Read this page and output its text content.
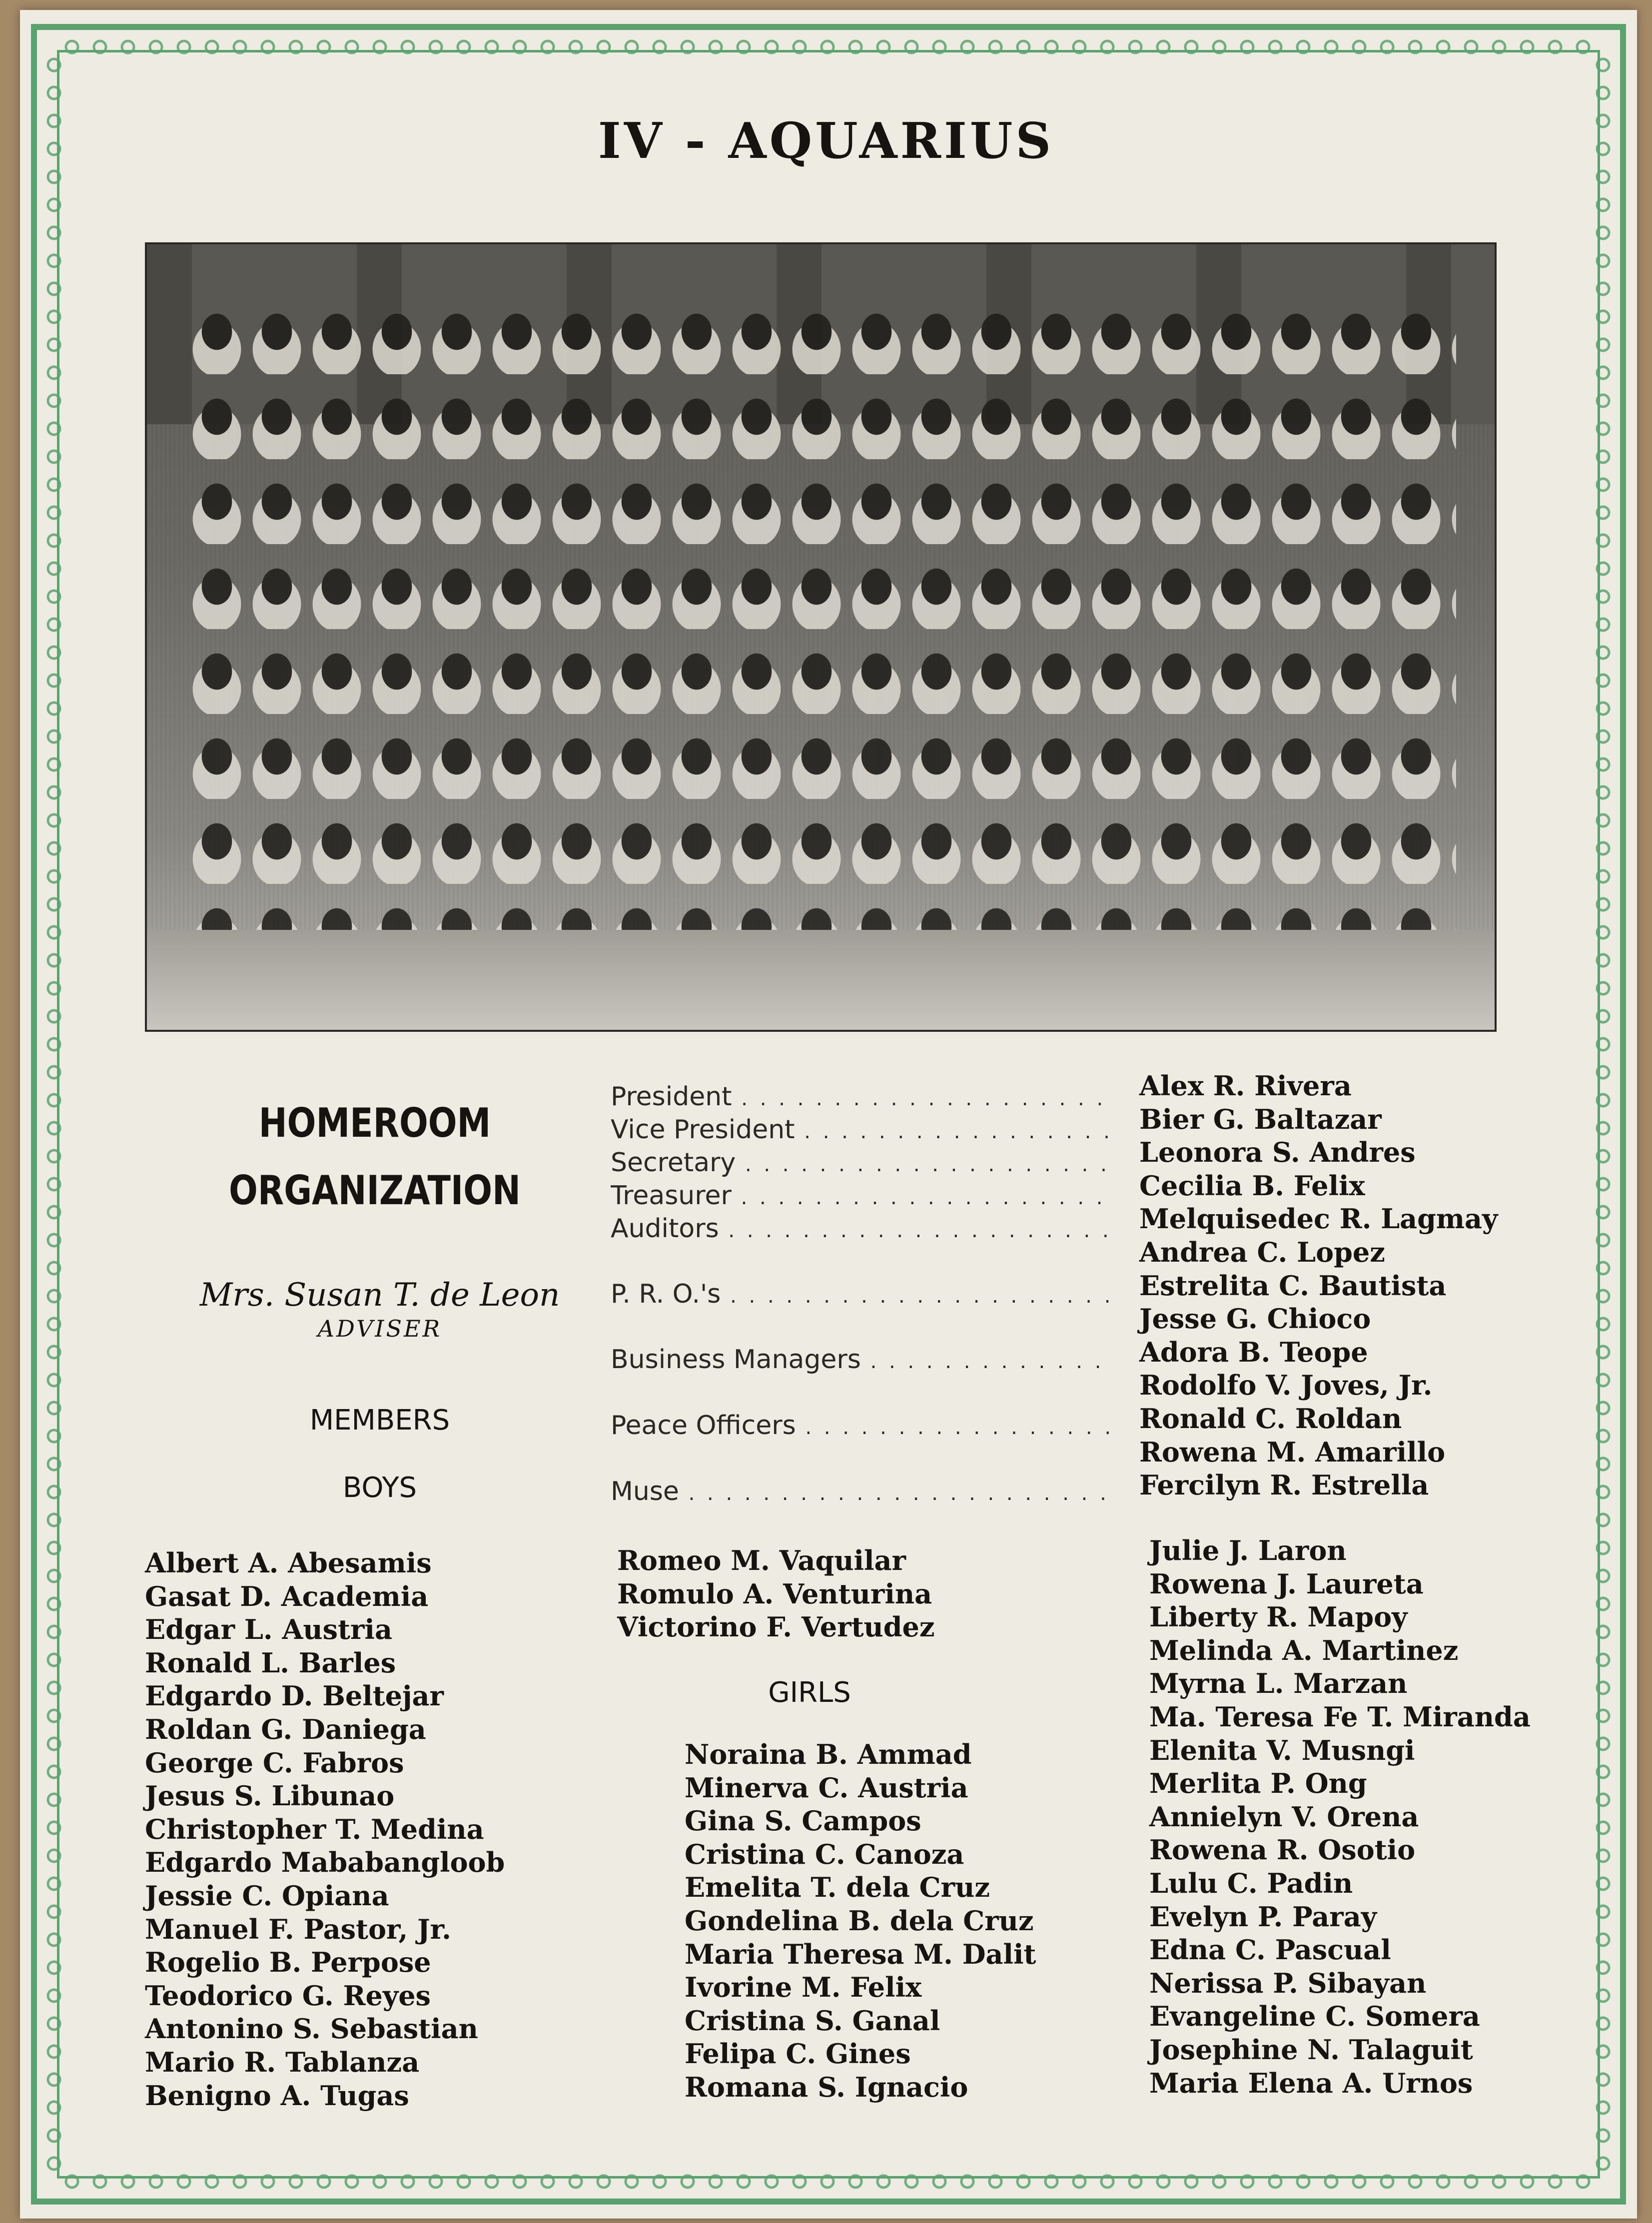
IV - AQUARIUS
HOMEROOM
ORGANIZATION
Mrs. Susan T. de Leon
ADVISER
MEMBERS
BOYS
GIRLS
President . . .
Vice President . . .
Secretary . . .
Treasurer . . .
Auditors . . .
P. R. O.'s . . .
Business Managers . . .
Peace Officers . . .
Muse . . .
Alex R. Rivera
Bier G. Baltazar
Leonora S. Andres
Cecilia B. Felix
Melquisedec R. Lagmay
Andrea C. Lopez
Estrelita C. Bautista
Jesse G. Chioco
Adora B. Teope
Rodolfo V. Joves, Jr.
Ronald C. Roldan
Rowena M. Amarillo
Fercilyn R. Estrella
Albert A. Abesamis
Gasat D. Academia
Edgar L. Austria
Ronald L. Barles
Edgardo D. Beltejar
Roldan G. Daniega
George C. Fabros
Jesus S. Libunao
Christopher T. Medina
Edgardo Mababangloob
Jessie C. Opiana
Manuel F. Pastor, Jr.
Rogelio B. Perpose
Teodorico G. Reyes
Antonino S. Sebastian
Mario R. Tablanza
Benigno A. Tugas
Romeo M. Vaquilar
Romulo A. Venturina
Victorino F. Vertudez
Noraina B. Ammad
Minerva C. Austria
Gina S. Campos
Cristina C. Canoza
Emelita T. dela Cruz
Gondelina B. dela Cruz
Maria Theresa M. Dalit
Ivorine M. Felix
Cristina S. Ganal
Felipa C. Gines
Romana S. Ignacio
Julie J. Laron
Rowena J. Laureta
Liberty R. Mapoy
Melinda A. Martinez
Myrna L. Marzan
Ma. Teresa Fe T. Miranda
Elenita V. Musngi
Merlita P. Ong
Annielyn V. Orena
Rowena R. Osotio
Lulu C. Padin
Evelyn P. Paray
Edna C. Pascual
Nerissa P. Sibayan
Evangeline C. Somera
Josephine N. Talaguit
Maria Elena A. Urnos
